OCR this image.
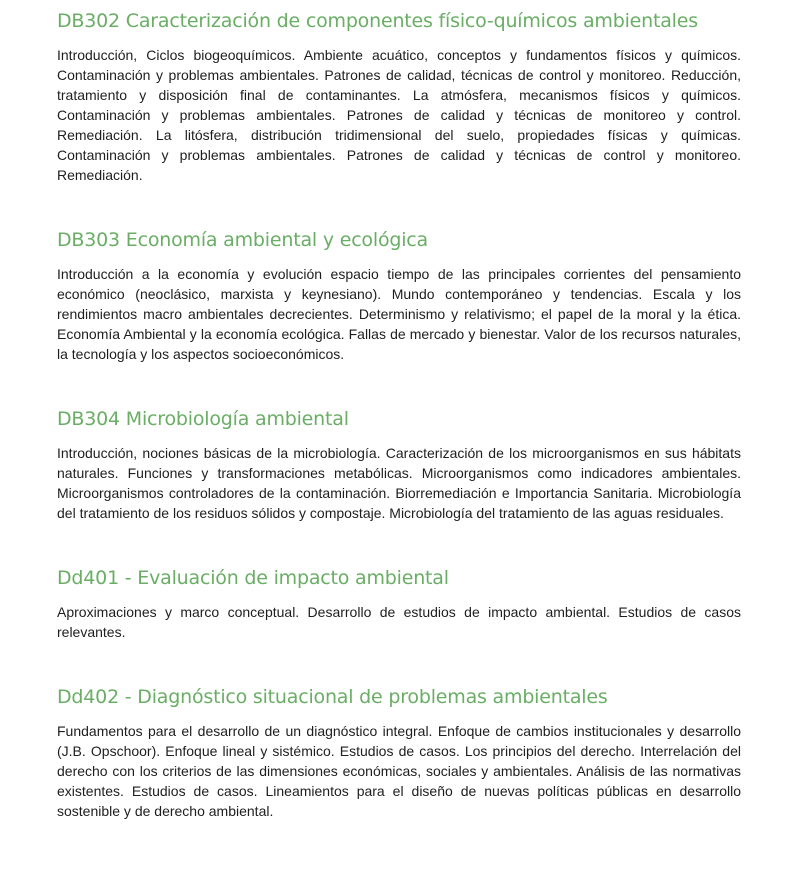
DB302 Caracterización de componentes físico-químicos ambientales

Introducción, Ciclos biogeoquímicos. Ambiente acuático, conceptos y fundamentos físicos y químicos. Contaminación y problemas ambientales. Patrones de calidad, técnicas de control y monitoreo. Reducción, tratamiento y disposición final de contaminantes. La atmósfera, mecanismos físicos y químicos. Contaminación y problemas ambientales. Patrones de calidad y técnicas de monitoreo y control. Remediación. La litósfera, distribución tridimensional del suelo, propiedades físicas y químicas. Contaminación y problemas ambientales. Patrones de calidad y técnicas de control y monitoreo. Remediación.

DB303 Economía ambiental y ecológica

Introducción a la economía y evolución espacio tiempo de las principales corrientes del pensamiento económico (neoclásico, marxista y keynesiano). Mundo contemporáneo y tendencias. Escala y los rendimientos macro ambientales decrecientes. Determinismo y relativismo; el papel de la moral y la ética. Economía Ambiental y la economía ecológica. Fallas de mercado y bienestar. Valor de los recursos naturales, la tecnología y los aspectos socioeconómicos.

DB304 Microbiología ambiental

Introducción, nociones básicas de la microbiología. Caracterización de los microorganismos en sus hábitats naturales. Funciones y transformaciones metabólicas. Microorganismos como indicadores ambientales. Microorganismos controladores de la contaminación. Biorremediación e Importancia Sanitaria. Microbiología del tratamiento de los residuos sólidos y compostaje. Microbiología del tratamiento de las aguas residuales.

Dd401 - Evaluación de impacto ambiental

Aproximaciones y marco conceptual. Desarrollo de estudios de impacto ambiental. Estudios de casos relevantes.

Dd402 - Diagnóstico situacional de problemas ambientales

Fundamentos para el desarrollo de un diagnóstico integral. Enfoque de cambios institucionales y desarrollo (J.B. Opschoor). Enfoque lineal y sistémico. Estudios de casos. Los principios del derecho. Interrelación del derecho con los criterios de las dimensiones económicas, sociales y ambientales. Análisis de las normativas existentes. Estudios de casos. Lineamientos para el diseño de nuevas políticas públicas en desarrollo sostenible y de derecho ambiental.
